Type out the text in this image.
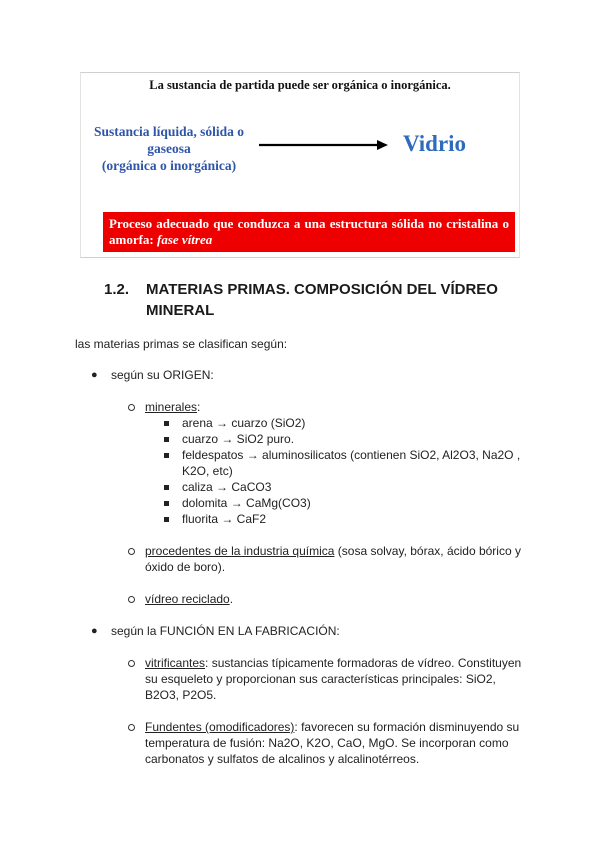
La sustancia de partida puede ser orgánica o inorgánica.
Sustancia líquida, sólida o
gaseosa
(orgánica o inorgánica)
Vidrio
Proceso adecuado que conduzca a una estructura sólida no cristalina o amorfa: fase vítrea
1.2. MATERIAS PRIMAS. COMPOSICIÓN DEL VÍDREO MINERAL
las materias primas se clasifican según:
● según su ORIGEN:
minerales:
arena → cuarzo (SiO2)
cuarzo → SiO2 puro.
feldespatos → aluminosilicatos (contienen SiO2, Al2O3, Na2O ,
K2O, etc)
caliza → CaCO3
dolomita → CaMg(CO3)
fluorita → CaF2
procedentes de la industria química (sosa solvay, bórax, ácido bórico y
óxido de boro).
vídreo reciclado.
● según la FUNCIÓN EN LA FABRICACIÓN:
vitrificantes: sustancias típicamente formadoras de vídreo. Constituyen
su esqueleto y proporcionan sus características principales: SiO2,
B2O3, P2O5.
Fundentes (omodificadores): favorecen su formación disminuyendo su
temperatura de fusión: Na2O, K2O, CaO, MgO. Se incorporan como
carbonatos y sulfatos de alcalinos y alcalinotérreos.
